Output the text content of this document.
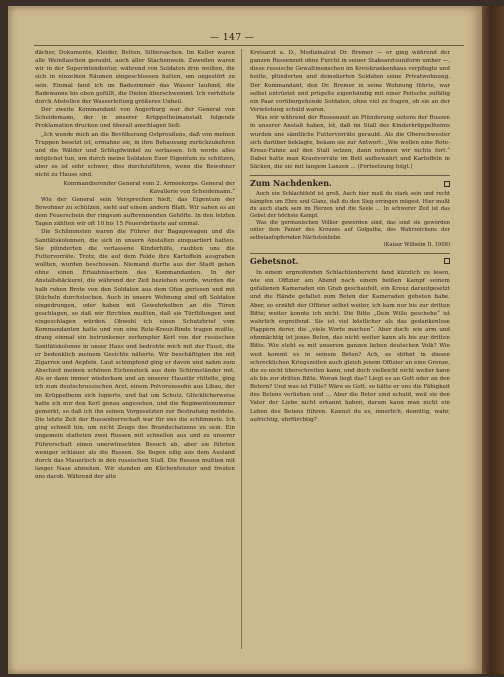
— 147 —

dächer, Dokumente, Kleider, Betten, Silbersachen. Im Keller waren alle Weinflaschen geraubt, auch aller Stachenwein. Zuweilen waren wir in der Superintendentur, während von Soldaten drin weilten, die sich in einzelnen Räumen eingeschlossen hatten, um ungestört zu sein. Einmal fand ich im Badezimmer das Wasser laufend, die Badewanne bis oben gefüllt, die Dielen überschwemmt. Ich verhütete durch Abstellen der Wasserleitung größeres Unheil.

Der zweite Kommandant von Angerburg war der General von Scheidemann, der in unserer Krüppelheimanstalt folgende Proklamation drucken und überall anschlagen ließ:

„Ich wende mich an die Bevölkerung Ostpreußens, daß von meinen Truppen besetzt ist, ermahne sie, in ihre Behausung zurückzukehren und die Wälder und Schlupfwinkel zu verlassen. Ich werde alles möglichst tun, um durch meine Soldaten Euer Eigentum zu schützen, aber es ist sehr schwer, dies durchzuführen, wenn die Bewohner nicht zu Hause sind.

Kommandierender General vom 2. Armeekorps. General der Kavallerie von Scheidemann.“

Wie der General sein Versprechen hielt, das Eigentum der Bewohner zu schützen, sieht auf einem andern Blatt. Wir sahen es an dem Feuerschein der ringsum aufbrennenden Gehöfte. In den letzten Tagen zählten wir oft 10 bis 15 Feuersbrünste auf einmal.

Die Schlimmsten waren die Führer der Bagagewagen und die Sanitätskolonnen, die sich in unsern Anstalten einquartiert hatten. Sie plünderten die verlassene Kinderhilfe, raubten uns die Futtervorräte. Trotz, die auf dem Felde ihre Kartoffeln ausgraben wollten, wurden beschossen. Niemand durfte aus der Stadt gehen ohne einen Erlaubnisschein des Kommandanten. In der Anstaltsbäckerei, die während der Zeit beziehen wurde, wurden die halb rohen Brote von den Soldaten aus dem Ofen gerissen und mit Stücheln durchstochen. Auch in unsere Wohnung sind oft Soldaten eingedrungen, oder haben mit Gewehrkolben an die Türen geschlagen, so daß wir fürchten mußten, daß sie Türfüllungen und eingeschlagen würden. Obwohl ich einen Schutzbrief vom Kommandanten hatte und von eine Rote-Kreuz-Binde tragen mußte, drang einmal ein betrunkener zerlumpter Kerl von der russischen Sanitätskolonne in unser Haus und bedrohte mich mit der Faust, die er bedenklich meinem Gesichte näherte. Wir beschäftigten ihn mit Zigarren und Aepfeln. Laut schimpfend ging er davon und nahm zum Abschied meinen schönen Eichenstock aus dem Schirmständer mit. Als er dann immer wiederkam und an unserer Haustür rüttelte, ging ich zum deutschrussischen Arzt, einem Polvorenssohn aus Libau, der im Krüppelheim sich logierte, und bat um Schutz. Glücklicherweise hatte ich mir den Kerl genau angesehen, und die Regimentsnummer gemerkt, so daß ich ihn seinen Vorgesetzten zur Bestrafung meldete. Die letzte Zeit der Russenherrschaft war für uns die schlimmste. Ich ging schnell hin, um nicht Zeuge des Brandschatzens zu sein. Ein ungemein statteten zwei Russen mit schnellen aus und zu unserer Führerschaft einen unerwünschten Besuch ab, aber sie führten weniger schlauer als die Russen. Sie flogen eilig aus dem Ausland durch das Mauerloch in den russischen Stall. Die Russen mußten mit langer Nase abziehen. Wir standen am Küchenfenster und freuten uns darob. Während der alte

Kreisarzt a. D., Medizinalrat Dr. Bremer — er ging während der ganzen Russenzeit ohne Furcht in seiner Stabsarztsuniform umher —, diese russische Gewaltmenschen im Kreiskrankenhaus verpflegte und heilte, plünderten und demolierten Soldaten seine Privatwohnung. Der Kommandant, den Dr. Bremer in seine Wohnung führte, war selbst entrüstet und prügelte eigenhändig mit einer Peitsche zufällig ein Paar vorübergehende Soldaten, ohne viel zu fragen, ob sie an der Verwüstung schuld waren.

Was wir während der Russenzeit an Plünderung seitens der Russen in unserer Anstalt haben, ist, daß im Stall des Kinderkrüppelheims wurden uns sämtliche Futtervorräte geraubt. Als die Oberschwester sich darüber beklagte, bekam sie zur Antwort: „Wie wollen eine Rote-Kreuz-Fahne auf den Stall setzen, dann nehmen wir nichts fort.“ Dabei hatte man Krautvorräte im Bett aufbewahrt und Kartoffeln in Säcken, die sie mit langem Lanzen ... (Fortsetzung folgt.)

Zum Nachdenken.

Auch ein Schlachtfeld ist groß. Auch hier muß du stark sein und recht kämpfen um Ehre und Glanz, daß du den Sieg erringen mögest. Hier mußt du auch stark sein im Herzen und die Seele ... In schwerer Zeit ist das Gebet der höchste Kampf.

Was die germanischen Völker geworden sind, das sind sie geworden unter dem Panier des Kreuzes auf Golgatha, des Wahrzeichens der selbstaufopfernden Nächstenliebe.

(Kaiser Wilhelm II. 1908)

Gebetsnot.

In einem ergreifenden Schlachtenbericht fand kürzlich zu lesen, wie ein Offizier am Abend nach einem heißen Kampf seinem gefallenen Kameraden ein Grab geschaufelt, ein Kreuz daraufgesetzt und die Hände gefaltet zum Beten der Kameraden gebeten habe. Aber, so erzählt der Offizier selbst weiter, ich kam nur bis zur dritten Bitte; weiter konnte ich nicht. Die Bitte „Dein Wille geschehe“ ist wahrlich ergreifend. Sie ist viel köstlicher als das gedankenlose Plappern derer, die „viele Worte machen“. Aber doch: wie arm und ohnmächtig ist jenes Beten, das nicht weiter kann als bis zur dritten Bitte. Wie steht es mit unserem ganzen lieben deutschen Volk? Wie weit kommt es in seinem Beten? Ach, es stöhnt in diesen schrecklichen Kriegszeiten auch gleich jenem Offizier an eine Grenze, die es nicht überschreiten kann, und doch vielleicht nicht weiter kann als bis zur dritten Bitte. Woran liegt das? Liegt es an Gott oder an den Betern? Und was ist Fülle? Wäre es Gott, so hätte er uns die Fähigkeit des Betens verliehen und ... Aber die Beter sind schuld, weil sie den Vater der Liebe nicht erkannt haben, darum kann man nicht ein Leben des Betens führen. Kannst du es, innerlich, demütig, wahr, aufrichtig, ehrfürchtig?
